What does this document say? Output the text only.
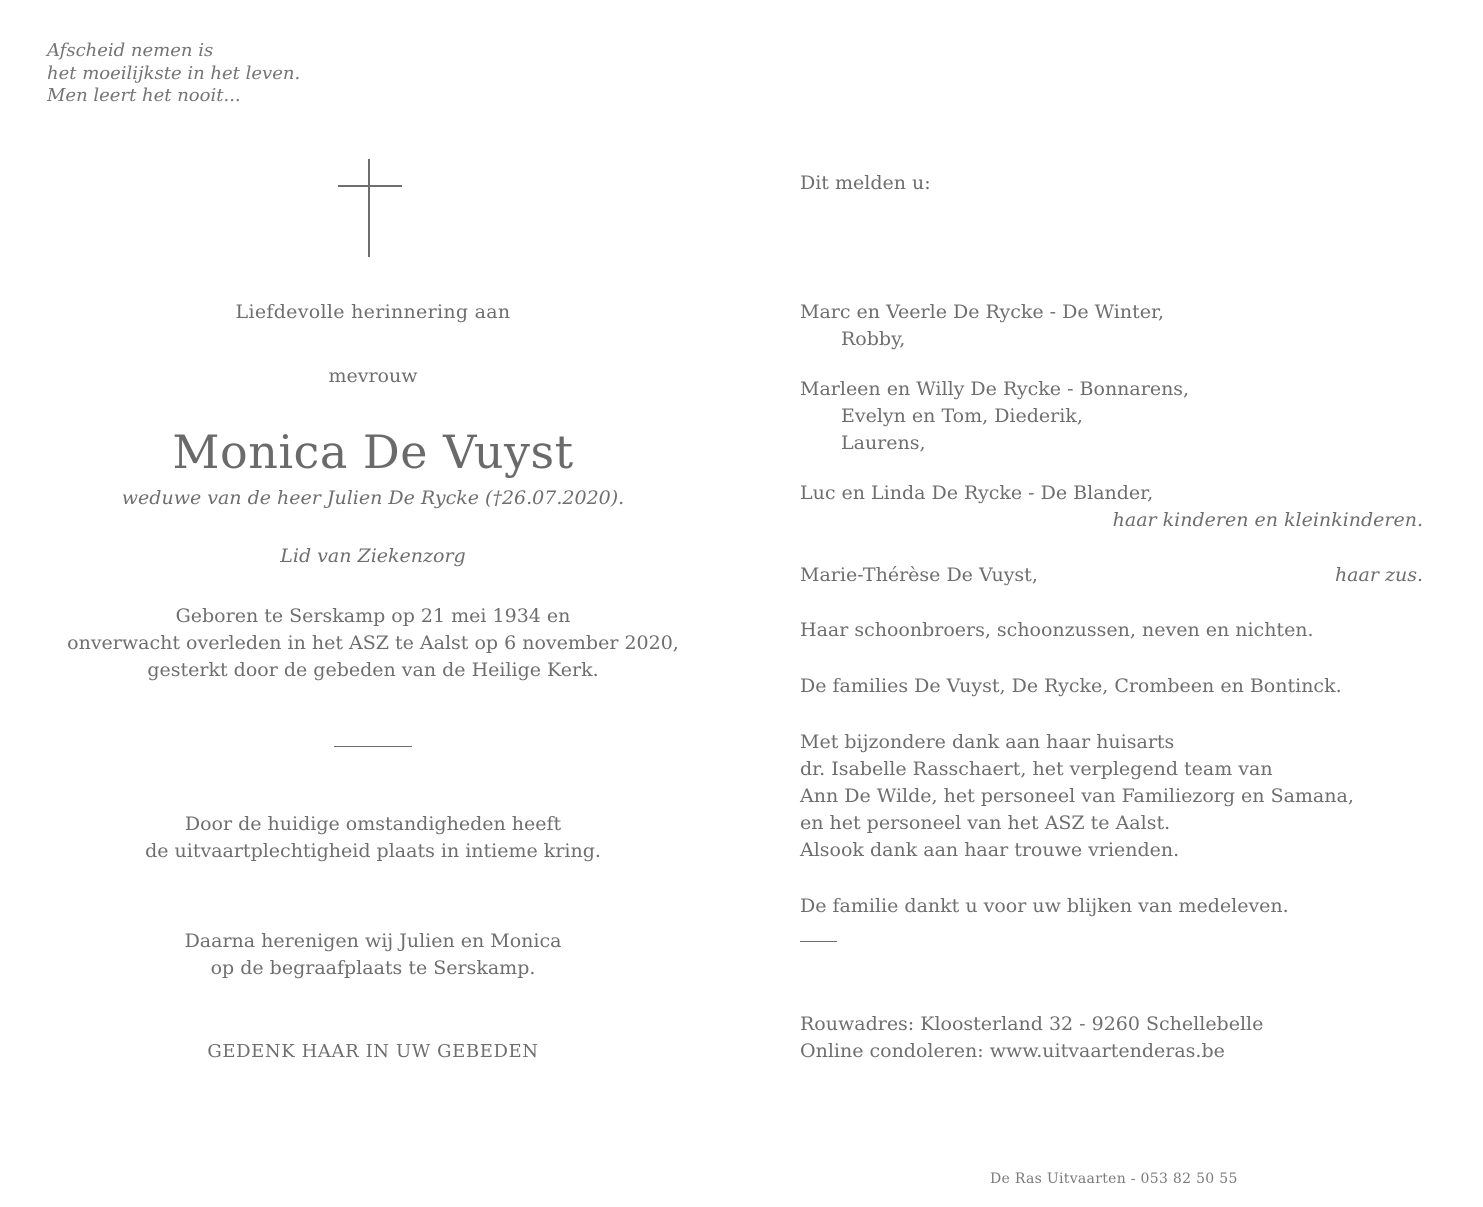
Afscheid nemen is
het moeilijkste in het leven.
Men leert het nooit...
Liefdevolle herinnering aan
mevrouw
Monica De Vuyst
weduwe van de heer Julien De Rycke (†26.07.2020).
Lid van Ziekenzorg
Geboren te Serskamp op 21 mei 1934 en
onverwacht overleden in het ASZ te Aalst op 6 november 2020,
gesterkt door de gebeden van de Heilige Kerk.
Door de huidige omstandigheden heeft
de uitvaartplechtigheid plaats in intieme kring.
Daarna herenigen wij Julien en Monica
op de begraafplaats te Serskamp.
GEDENK HAAR IN UW GEBEDEN
Dit melden u:
Marc en Veerle De Rycke - De Winter,
Robby,
Marleen en Willy De Rycke - Bonnarens,
Evelyn en Tom, Diederik,
Laurens,
Luc en Linda De Rycke - De Blander,
haar kinderen en kleinkinderen.
Marie-Thérèse De Vuyst,	haar zus.
Haar schoonbroers, schoonzussen, neven en nichten.
De families De Vuyst, De Rycke, Crombeen en Bontinck.
Met bijzondere dank aan haar huisarts
dr. Isabelle Rasschaert, het verplegend team van
Ann De Wilde, het personeel van Familiezorg en Samana,
en het personeel van het ASZ te Aalst.
Alsook dank aan haar trouwe vrienden.
De familie dankt u voor uw blijken van medeleven.
Rouwadres: Kloosterland 32 - 9260 Schellebelle
Online condoleren: www.uitvaartenderas.be
De Ras Uitvaarten - 053 82 50 55
